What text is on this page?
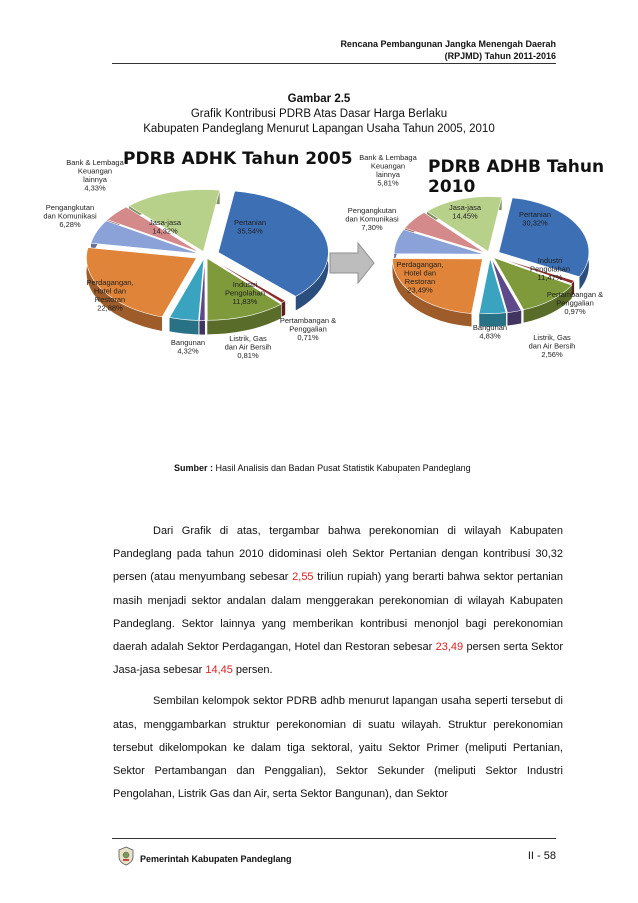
Rencana Pembangunan Jangka Menengah Daerah
(RPJMD) Tahun 2011-2016
Gambar 2.5
Grafik Kontribusi PDRB Atas Dasar Harga Berlaku
Kabupaten Pandeglang Menurut Lapangan Usaha Tahun 2005, 2010
PDRB ADHK Tahun 2005	PDRB ADHB Tahun 2010
Pertanian 35,54%
Pertambangan & Penggalian 0,71%
Industri Pengolahan 11,83%
Listrik, Gas dan Air Bersih 0,81%
Bangunan 4,32%
Perdagangan, Hotel dan Restoran 22,88%
Pengangkutan dan Komunikasi 6,28%
Bank & Lembaga Keuangan lainnya 4,33%
Jasa-jasa 14,32%
Pertanian 30,32%
Pertambangan & Penggalian 0,97%
Industri Pengolahan 11,47%
Listrik, Gas dan Air Bersih 2,56%
Bangunan 4,83%
Perdagangan, Hotel dan Restoran 23,49%
Pengangkutan dan Komunikasi 7,30%
Bank & Lembaga Keuangan lainnya 5,81%
Jasa-jasa 14,45%
Sumber : Hasil Analisis dan Badan Pusat Statistik Kabupaten Pandeglang

Dari Grafik di atas, tergambar bahwa perekonomian di wilayah Kabupaten Pandeglang pada tahun 2010 didominasi oleh Sektor Pertanian dengan kontribusi 30,32 persen (atau menyumbang sebesar 2,55 triliun rupiah) yang berarti bahwa sektor pertanian masih menjadi sektor andalan dalam menggerakan perekonomian di wilayah Kabupaten Pandeglang. Sektor lainnya yang memberikan kontribusi menonjol bagi perekonomian daerah adalah Sektor Perdagangan, Hotel dan Restoran sebesar 23,49 persen serta Sektor Jasa-jasa sebesar 14,45 persen.

Sembilan kelompok sektor PDRB adhb menurut lapangan usaha seperti tersebut di atas, menggambarkan struktur perekonomian di suatu wilayah. Struktur perekonomian tersebut dikelompokan ke dalam tiga sektoral, yaitu Sektor Primer (meliputi Pertanian, Sektor Pertambangan dan Penggalian), Sektor Sekunder (meliputi Sektor Industri Pengolahan, Listrik Gas dan Air, serta Sektor Bangunan), dan Sektor

Pemerintah Kabupaten Pandeglang	II - 58
